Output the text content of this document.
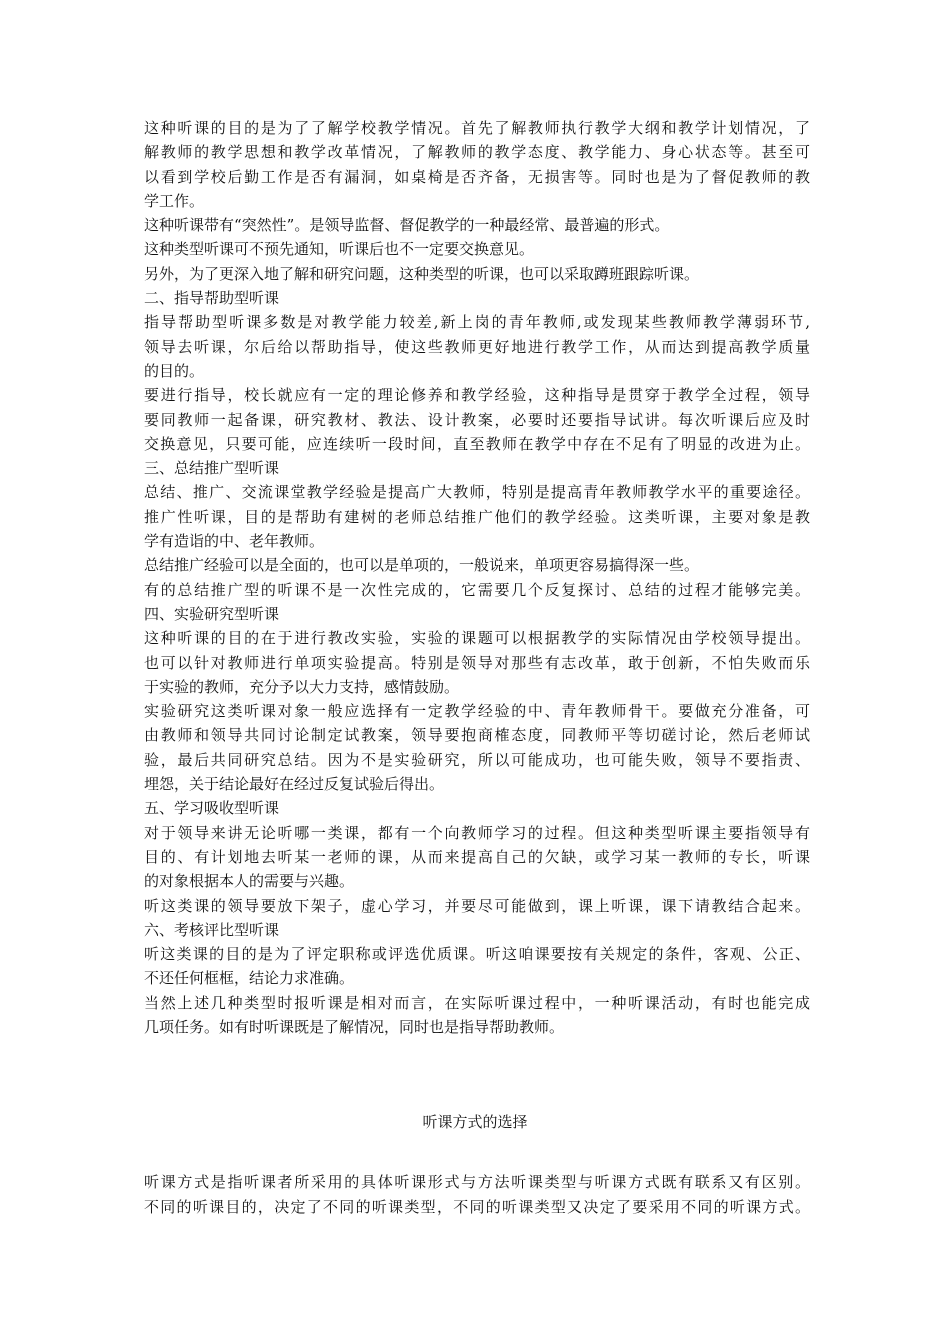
这种听课的目的是为了了解学校教学情况。首先了解教师执行教学大纲和教学计划情况，了
解教师的教学思想和教学改革情况，了解教师的教学态度、教学能力、身心状态等。甚至可
以看到学校后勤工作是否有漏洞，如桌椅是否齐备，无损害等。同时也是为了督促教师的教
学工作。
这种听课带有“突然性”。是领导监督、督促教学的一种最经常、最普遍的形式。
这种类型听课可不预先通知，听课后也不一定要交换意见。
另外，为了更深入地了解和研究问题，这种类型的听课，也可以采取蹲班跟踪听课。
二、指导帮助型听课
指导帮助型听课多数是对教学能力较差,新上岗的青年教师,或发现某些教师教学薄弱环节,
领导去听课，尔后给以帮助指导，使这些教师更好地进行教学工作，从而达到提高教学质量
的目的。
要进行指导，校长就应有一定的理论修养和教学经验，这种指导是贯穿于教学全过程，领导
要同教师一起备课，研究教材、教法、设计教案，必要时还要指导试讲。每次听课后应及时
交换意见，只要可能，应连续听一段时间，直至教师在教学中存在不足有了明显的改进为止。
三、总结推广型听课
总结、推广、交流课堂教学经验是提高广大教师，特别是提高青年教师教学水平的重要途径。
推广性听课，目的是帮助有建树的老师总结推广他们的教学经验。这类听课，主要对象是教
学有造诣的中、老年教师。
总结推广经验可以是全面的，也可以是单项的，一般说来，单项更容易搞得深一些。
有的总结推广型的听课不是一次性完成的，它需要几个反复探讨、总结的过程才能够完美。
四、实验研究型听课
这种听课的目的在于进行教改实验，实验的课题可以根据教学的实际情况由学校领导提出。
也可以针对教师进行单项实验提高。特别是领导对那些有志改革，敢于创新，不怕失败而乐
于实验的教师，充分予以大力支持，感情鼓励。
实验研究这类听课对象一般应选择有一定教学经验的中、青年教师骨干。要做充分准备，可
由教师和领导共同讨论制定试教案，领导要抱商榷态度，同教师平等切磋讨论，然后老师试
验，最后共同研究总结。因为不是实验研究，所以可能成功，也可能失败，领导不要指责、
埋怨，关于结论最好在经过反复试验后得出。
五、学习吸收型听课
对于领导来讲无论听哪一类课，都有一个向教师学习的过程。但这种类型听课主要指领导有
目的、有计划地去听某一老师的课，从而来提高自己的欠缺，或学习某一教师的专长，听课
的对象根据本人的需要与兴趣。
听这类课的领导要放下架子，虚心学习，并要尽可能做到，课上听课，课下请教结合起来。
六、考核评比型听课
听这类课的目的是为了评定职称或评选优质课。听这咱课要按有关规定的条件，客观、公正、
不还任何框框，结论力求准确。
当然上述几种类型时报听课是相对而言，在实际听课过程中，一种听课活动，有时也能完成
几项任务。如有时听课既是了解情况，同时也是指导帮助教师。
听课方式的选择
听课方式是指听课者所采用的具体听课形式与方法听课类型与听课方式既有联系又有区别。
不同的听课目的，决定了不同的听课类型，不同的听课类型又决定了要采用不同的听课方式。
